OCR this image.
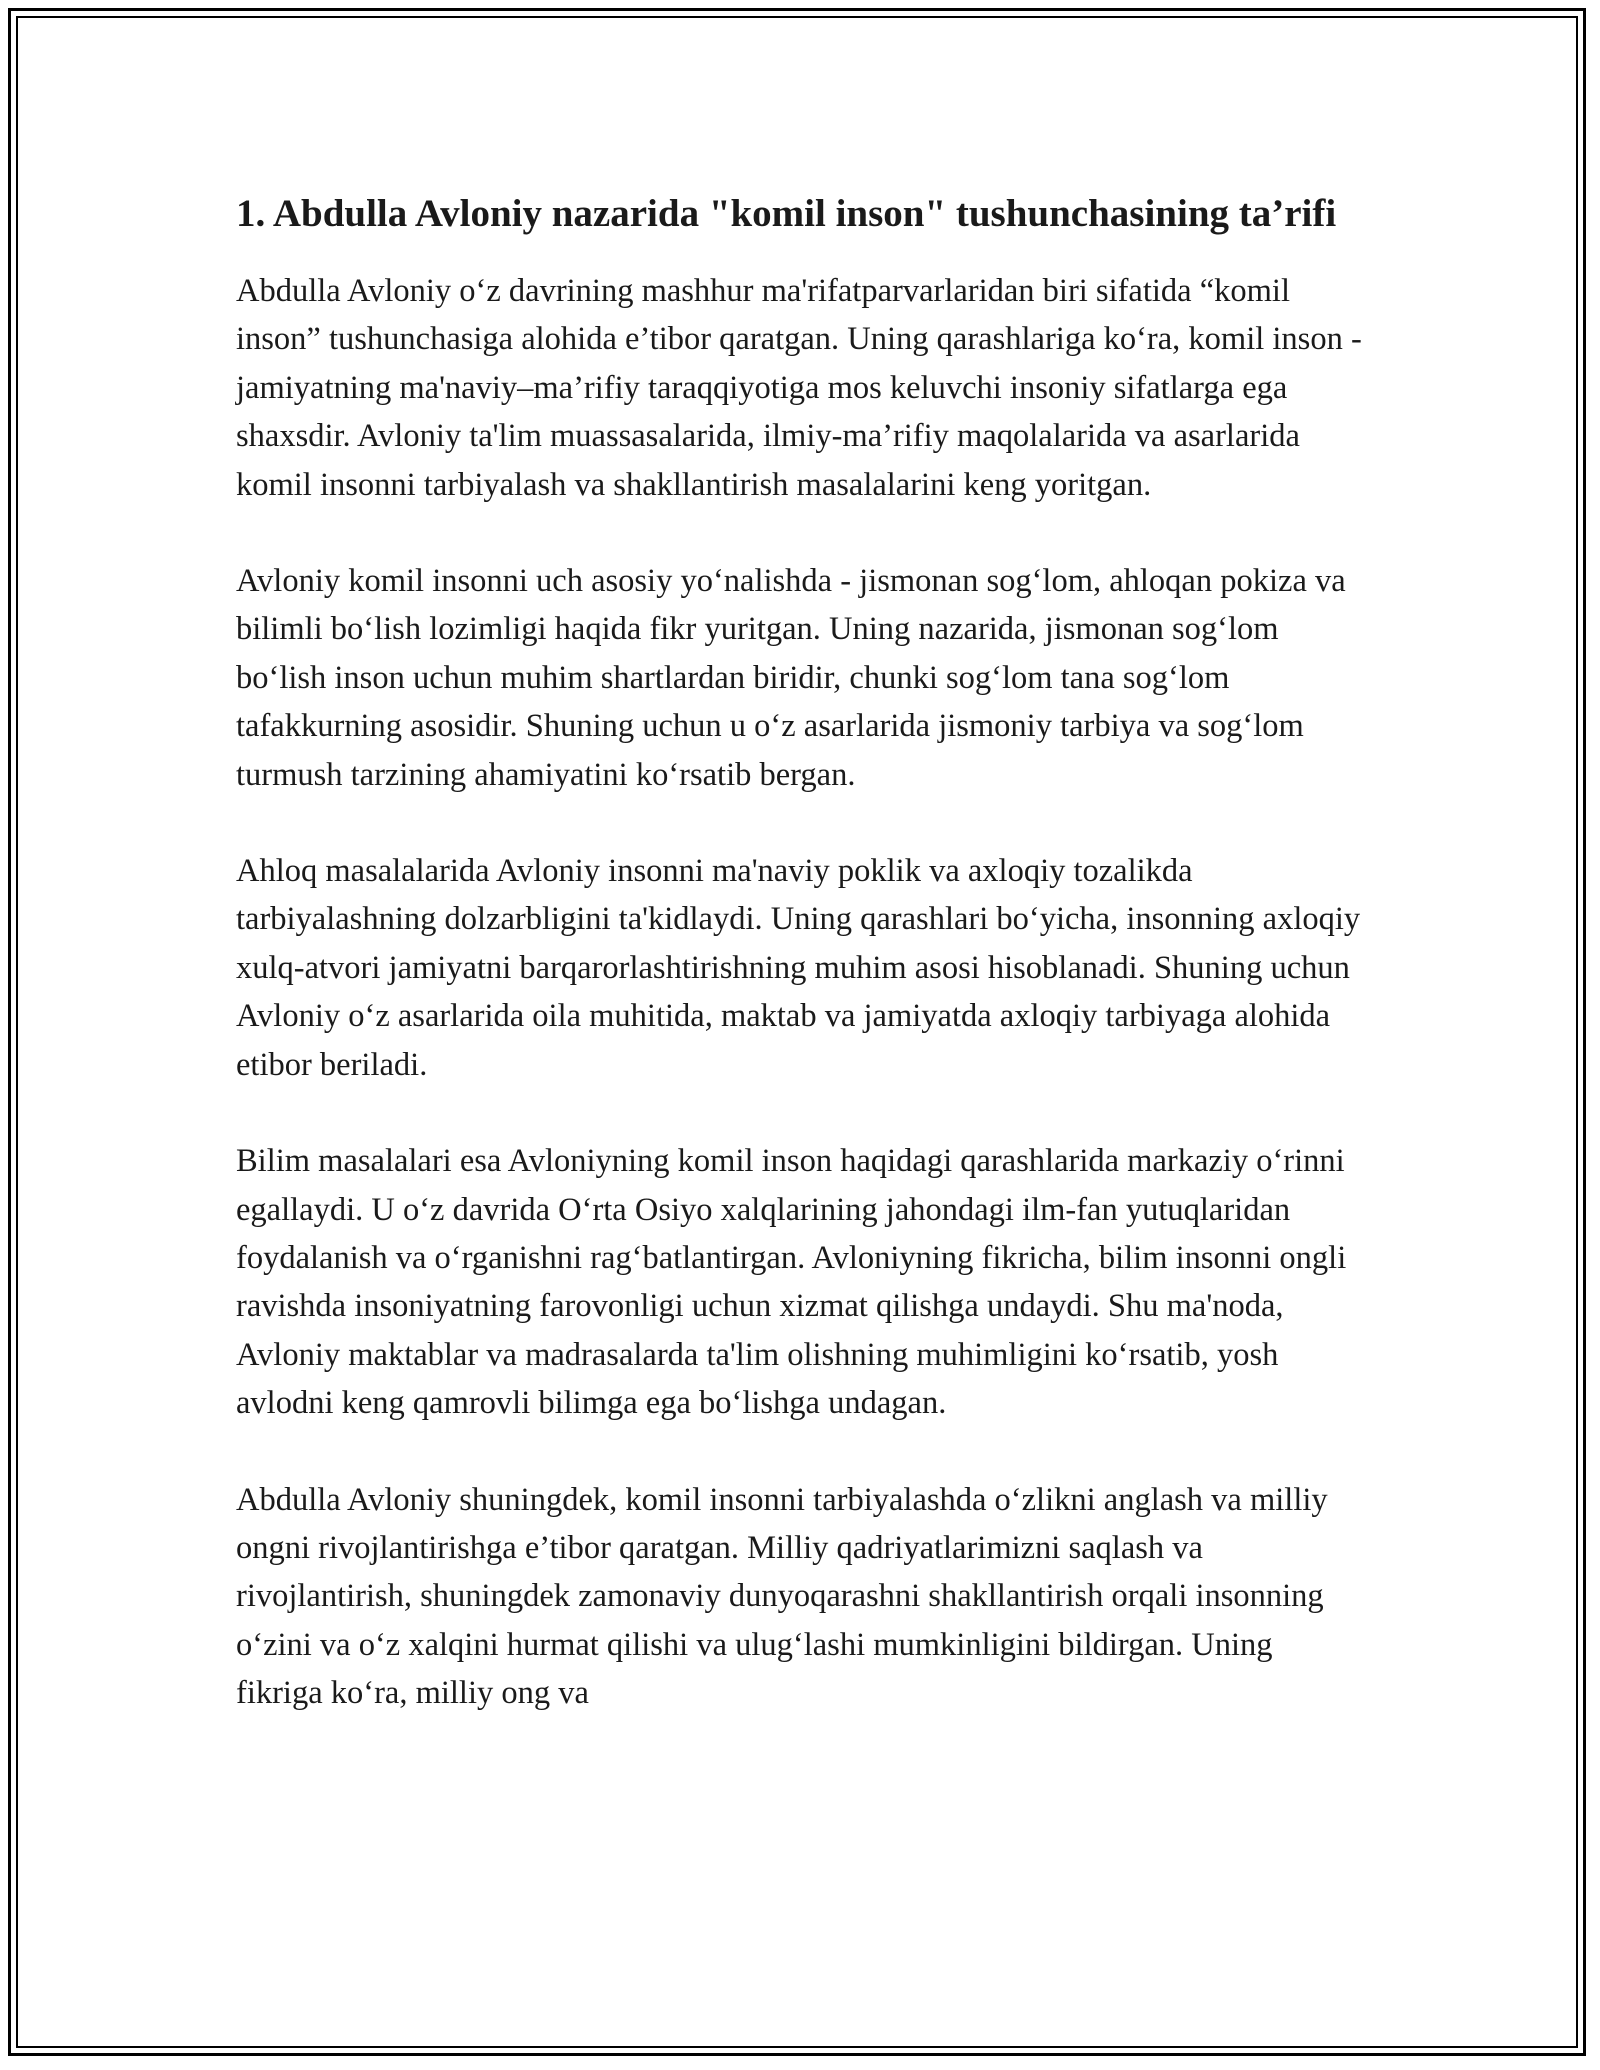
1. Abdulla Avloniy nazarida "komil inson" tushunchasining ta’rifi

Abdulla Avloniy o‘z davrining mashhur ma'rifatparvarlaridan biri sifatida “komil inson” tushunchasiga alohida e’tibor qaratgan. Uning qarashlariga ko‘ra, komil inson - jamiyatning ma'naviy–ma’rifiy taraqqiyotiga mos keluvchi insoniy sifatlarga ega shaxsdir. Avloniy ta'lim muassasalarida, ilmiy-ma’rifiy maqolalarida va asarlarida komil insonni tarbiyalash va shakllantirish masalalarini keng yoritgan.

Avloniy komil insonni uch asosiy yo‘nalishda - jismonan sog‘lom, ahloqan pokiza va bilimli bo‘lish lozimligi haqida fikr yuritgan. Uning nazarida, jismonan sog‘lom bo‘lish inson uchun muhim shartlardan biridir, chunki sog‘lom tana sog‘lom tafakkurning asosidir. Shuning uchun u o‘z asarlarida jismoniy tarbiya va sog‘lom turmush tarzining ahamiyatini ko‘rsatib bergan.

Ahloq masalalarida Avloniy insonni ma'naviy poklik va axloqiy tozalikda tarbiyalashning dolzarbligini ta'kidlaydi. Uning qarashlari bo‘yicha, insonning axloqiy xulq-atvori jamiyatni barqarorlashtirishning muhim asosi hisoblanadi. Shuning uchun Avloniy o‘z asarlarida oila muhitida, maktab va jamiyatda axloqiy tarbiyaga alohida etibor beriladi.

Bilim masalalari esa Avloniyning komil inson haqidagi qarashlarida markaziy o‘rinni egallaydi. U o‘z davrida O‘rta Osiyo xalqlarining jahondagi ilm-fan yutuqlaridan foydalanish va o‘rganishni rag‘batlantirgan. Avloniyning fikricha, bilim insonni ongli ravishda insoniyatning farovonligi uchun xizmat qilishga undaydi. Shu ma'noda, Avloniy maktablar va madrasalarda ta'lim olishning muhimligini ko‘rsatib, yosh avlodni keng qamrovli bilimga ega bo‘lishga undagan.

Abdulla Avloniy shuningdek, komil insonni tarbiyalashda o‘zlikni anglash va milliy ongni rivojlantirishga e’tibor qaratgan. Milliy qadriyatlarimizni saqlash va rivojlantirish, shuningdek zamonaviy dunyoqarashni shakllantirish orqali insonning o‘zini va o‘z xalqini hurmat qilishi va ulug‘lashi mumkinligini bildirgan. Uning fikriga ko‘ra, milliy ong va
